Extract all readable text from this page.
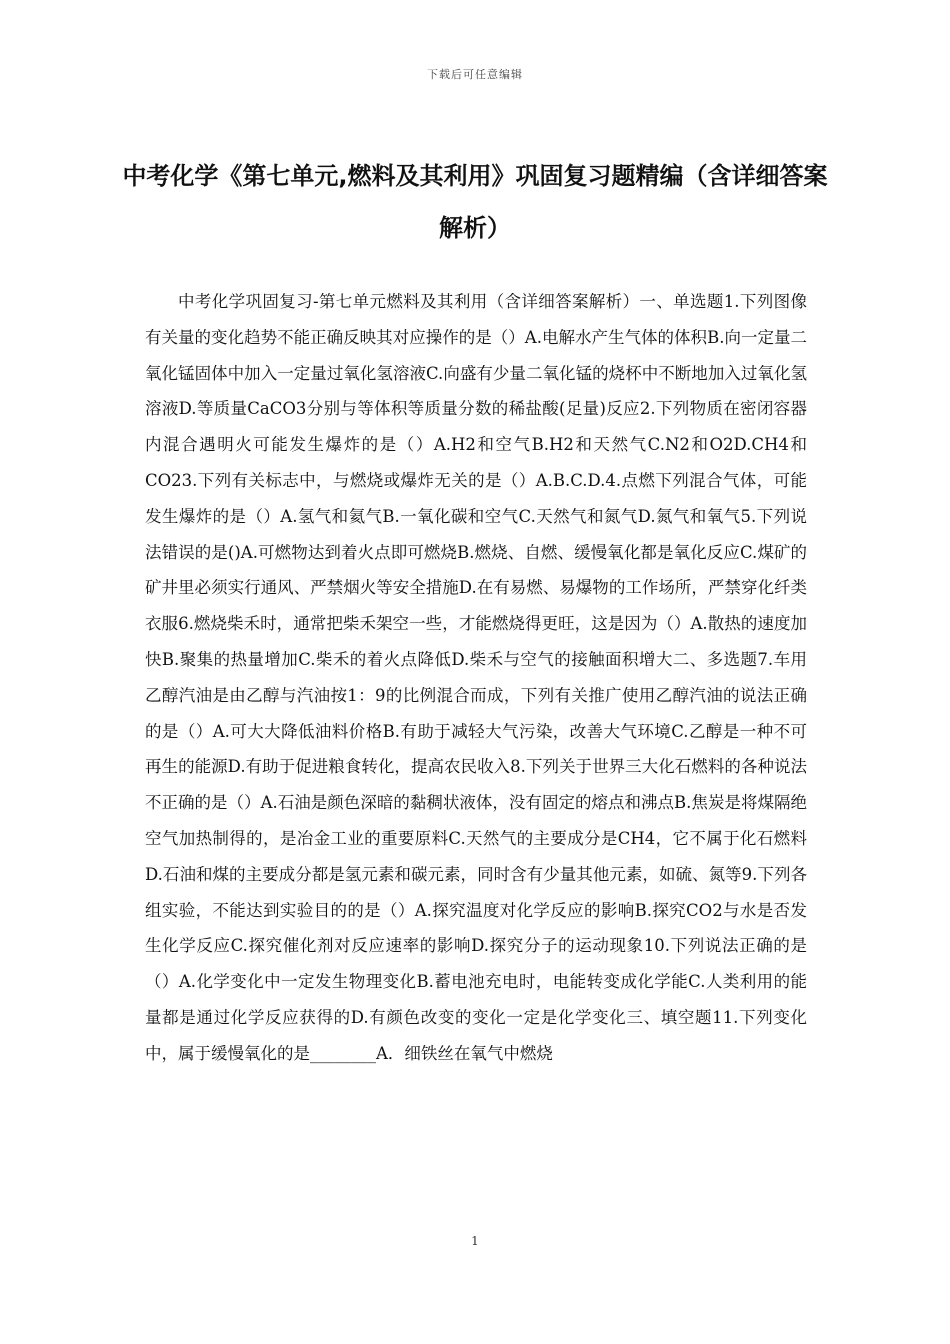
下载后可任意编辑
中考化学《第七单元,燃料及其利用》巩固复习题精编（含详细答案解析）

中考化学巩固复习-第七单元燃料及其利用（含详细答案解析）一、单选题1.下列图像有关量的变化趋势不能正确反映其对应操作的是（）A.电解水产生气体的体积B.向一定量二氧化锰固体中加入一定量过氧化氢溶液C.向盛有少量二氧化锰的烧杯中不断地加入过氧化氢溶液D.等质量CaCO3分别与等体积等质量分数的稀盐酸(足量)反应2.下列物质在密闭容器内混合遇明火可能发生爆炸的是（）A.H2和空气B.H2和天然气C.N2和O2D.CH4和CO23.下列有关标志中，与燃烧或爆炸无关的是（）A.B.C.D.4.点燃下列混合气体，可能发生爆炸的是（）A.氢气和氦气B.一氧化碳和空气C.天然气和氮气D.氮气和氧气5.下列说法错误的是()A.可燃物达到着火点即可燃烧B.燃烧、自燃、缓慢氧化都是氧化反应C.煤矿的矿井里必须实行通风、严禁烟火等安全措施D.在有易燃、易爆物的工作场所，严禁穿化纤类衣服6.燃烧柴禾时，通常把柴禾架空一些，才能燃烧得更旺，这是因为（）A.散热的速度加快B.聚集的热量增加C.柴禾的着火点降低D.柴禾与空气的接触面积增大二、多选题7.车用乙醇汽油是由乙醇与汽油按1：9的比例混合而成，下列有关推广使用乙醇汽油的说法正确的是（）A.可大大降低油料价格B.有助于减轻大气污染，改善大气环境C.乙醇是一种不可再生的能源D.有助于促进粮食转化，提高农民收入8.下列关于世界三大化石燃料的各种说法不正确的是（）A.石油是颜色深暗的黏稠状液体，没有固定的熔点和沸点B.焦炭是将煤隔绝空气加热制得的，是冶金工业的重要原料C.天然气的主要成分是CH4，它不属于化石燃料D.石油和煤的主要成分都是氢元素和碳元素，同时含有少量其他元素，如硫、氮等9.下列各组实验，不能达到实验目的的是（）A.探究温度对化学反应的影响B.探究CO2与水是否发生化学反应C.探究催化剂对反应速率的影响D.探究分子的运动现象10.下列说法正确的是（）A.化学变化中一定发生物理变化B.蓄电池充电时，电能转变成化学能C.人类利用的能量都是通过化学反应获得的D.有颜色改变的变化一定是化学变化三、填空题11.下列变化中，属于缓慢氧化的是________A．细铁丝在氧气中燃烧

1
